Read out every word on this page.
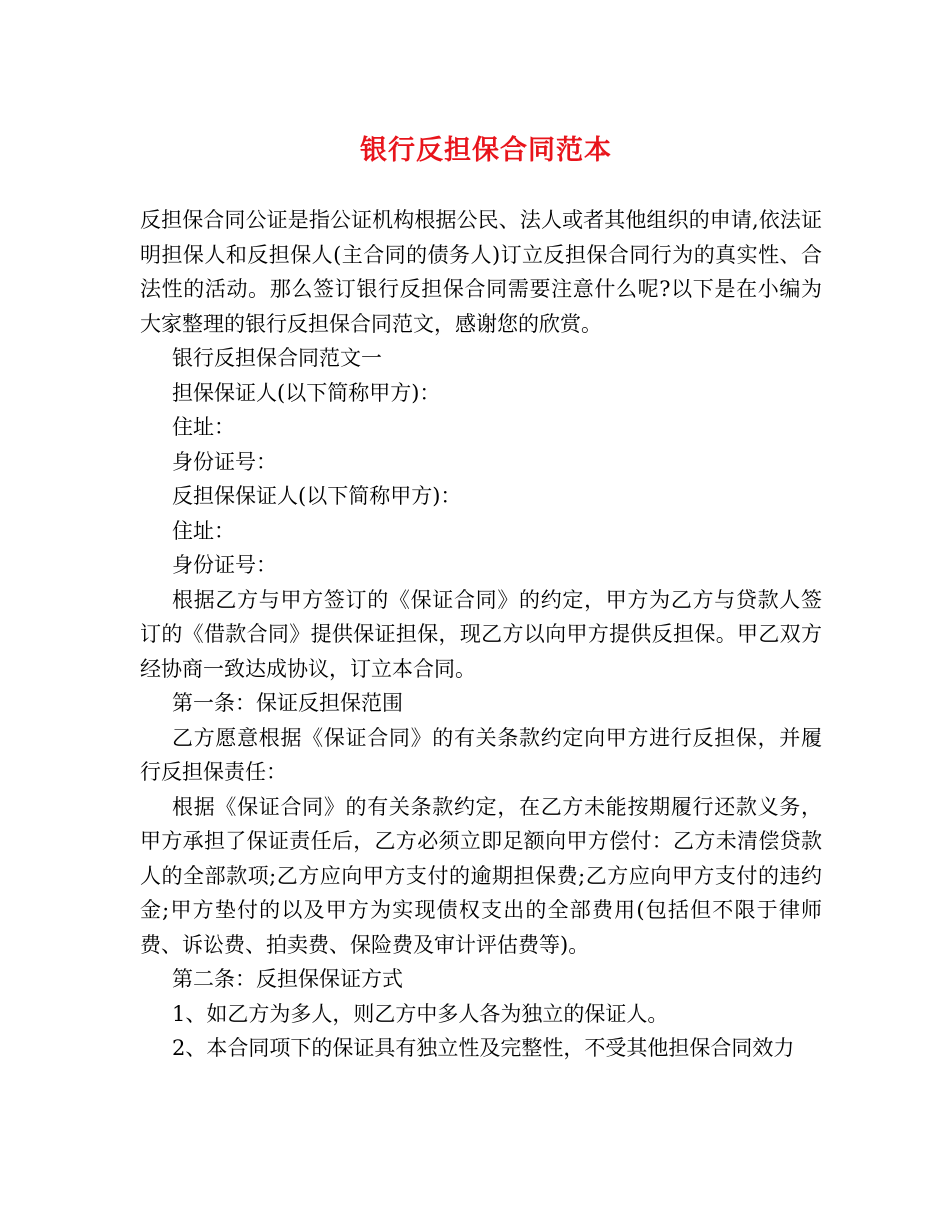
银行反担保合同范本

反担保合同公证是指公证机构根据公民、法人或者其他组织的申请,依法证明担保人和反担保人(主合同的债务人)订立反担保合同行为的真实性、合法性的活动。那么签订银行反担保合同需要注意什么呢?以下是在小编为大家整理的银行反担保合同范文，感谢您的欣赏。

银行反担保合同范文一

担保保证人(以下简称甲方)：

住址：

身份证号：

反担保保证人(以下简称甲方)：

住址：

身份证号：

根据乙方与甲方签订的《保证合同》的约定，甲方为乙方与贷款人签订的《借款合同》提供保证担保，现乙方以向甲方提供反担保。甲乙双方经协商一致达成协议，订立本合同。

第一条：保证反担保范围

乙方愿意根据《保证合同》的有关条款约定向甲方进行反担保，并履行反担保责任：

根据《保证合同》的有关条款约定，在乙方未能按期履行还款义务，甲方承担了保证责任后，乙方必须立即足额向甲方偿付：乙方未清偿贷款人的全部款项;乙方应向甲方支付的逾期担保费;乙方应向甲方支付的违约金;甲方垫付的以及甲方为实现债权支出的全部费用(包括但不限于律师费、诉讼费、拍卖费、保险费及审计评估费等)。

第二条：反担保保证方式

1、如乙方为多人，则乙方中多人各为独立的保证人。

2、本合同项下的保证具有独立性及完整性，不受其他担保合同效力
